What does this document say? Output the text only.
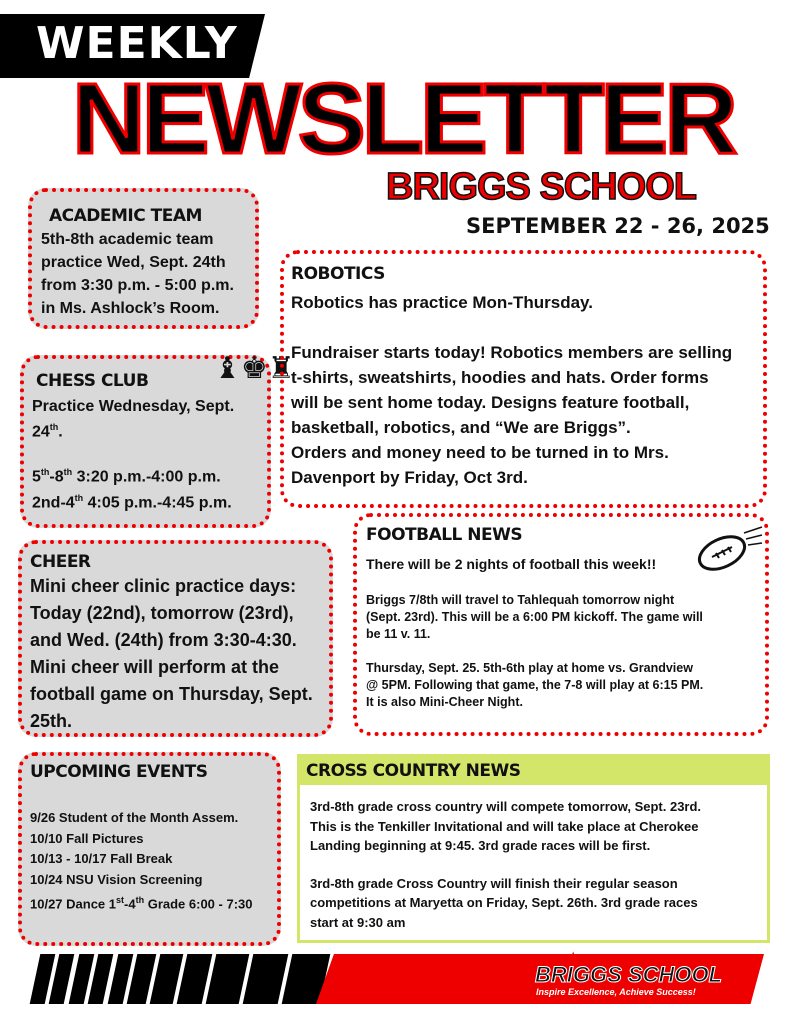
WEEKLY
NEWSLETTER
BRIGGS SCHOOL
SEPTEMBER 22 - 26, 2025
ACADEMIC TEAM

5th-8th academic team
practice Wed, Sept. 24th
from 3:30 p.m. - 5:00 p.m.
in Ms. Ashlock’s Room.

CHESS CLUB	♝♚♜
Practice Wednesday, Sept.
24th.
5th-8th 3:20 p.m.-4:00 p.m.
2nd-4th 4:05 p.m.-4:45 p.m.
ROBOTICS

Robotics has practice Mon-Thursday.

Fundraiser starts today! Robotics members are selling
t-shirts, sweatshirts, hoodies and hats. Order forms
will be sent home today. Designs feature football,
basketball, robotics, and “We are Briggs”.
Orders and money need to be turned in to Mrs.
Davenport by Friday, Oct 3rd.

CHEER

Mini cheer clinic practice days:
Today (22nd), tomorrow (23rd),
and Wed. (24th) from 3:30-4:30.
Mini cheer will perform at the
football game on Thursday, Sept.
25th.

FOOTBALL NEWS

There will be 2 nights of football this week!!

Briggs 7/8th will travel to Tahlequah tomorrow night
(Sept. 23rd). This will be a 6:00 PM kickoff. The game will
be 11 v. 11.

Thursday, Sept. 25. 5th-6th play at home vs. Grandview
@ 5PM. Following that game, the 7-8 will play at 6:15 PM.
It is also Mini-Cheer Night.

UPCOMING EVENTS
9/26 Student of the Month Assem.
10/10 Fall Pictures
10/13 - 10/17 Fall Break
10/24 NSU Vision Screening
10/27 Dance 1st-4th Grade 6:00 - 7:30
CROSS COUNTRY NEWS

3rd-8th grade cross country will compete tomorrow, Sept. 23rd.
This is the Tenkiller Invitational and will take place at Cherokee
Landing beginning at 9:45. 3rd grade races will be first.

3rd-8th grade Cross Country will finish their regular season
competitions at Maryetta on Friday, Sept. 26th. 3rd grade races
start at 9:30 am

BRIGGS SCHOOL
Inspire Excellence, Achieve Success!
★
